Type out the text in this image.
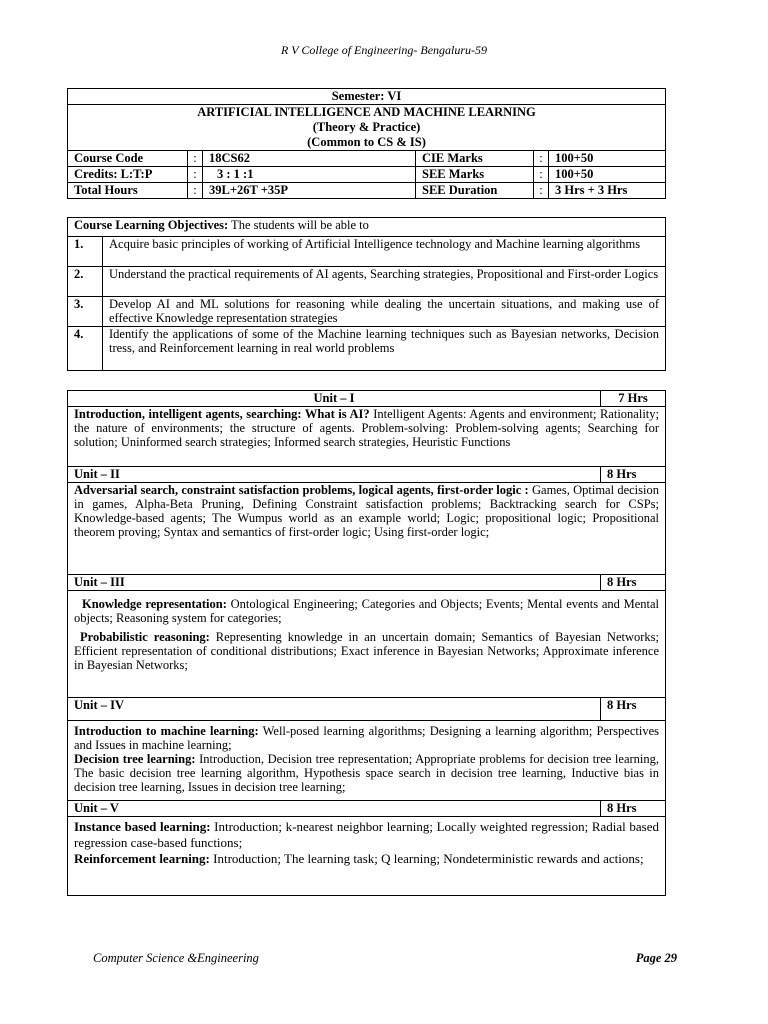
R V College of Engineering- Bengaluru-59
Semester: VI					

ARTIFICIAL INTELLIGENCE AND MACHINE LEARNING
(Theory & Practice)
(Common to CS & IS)					

Course Code	:	18CS62	CIE Marks	:	100+50
Credits: L:T:P	:	3 : 1 :1	SEE Marks	:	100+50
Total Hours	:	39L+26T +35P	SEE Duration	:	3 Hrs + 3 Hrs
Course Learning Objectives: The students will be able to	
1.	Acquire basic principles of working of Artificial Intelligence technology and Machine learning algorithms
2.	Understand the practical requirements of AI agents, Searching strategies, Propositional and First-order Logics
3.	Develop AI and ML solutions for reasoning while dealing the uncertain situations, and making use of effective Knowledge representation strategies
4.	Identify the applications of some of the Machine learning techniques such as Bayesian networks, Decision tress, and Reinforcement learning in real world problems
Unit – I	7 Hrs
Introduction, intelligent agents, searching: What is AI? Intelligent Agents: Agents and environment; Rationality; the nature of environments; the structure of agents. Problem-solving: Problem-solving agents; Searching for solution; Uninformed search strategies; Informed search strategies, Heuristic Functions	
Unit – II	8 Hrs
Adversarial search, constraint satisfaction problems, logical agents, first-order logic : Games, Optimal decision in games, Alpha-Beta Pruning, Defining Constraint satisfaction problems; Backtracking search for CSPs; Knowledge-based agents; The Wumpus world as an example world; Logic; propositional logic; Propositional theorem proving; Syntax and semantics of first-order logic; Using first-order logic;	
Unit – III	8 Hrs

Knowledge representation: Ontological Engineering; Categories and Objects; Events; Mental events and Mental objects; Reasoning system for categories;

Probabilistic reasoning: Representing knowledge in an uncertain domain; Semantics of Bayesian Networks; Efficient representation of conditional distributions; Exact inference in Bayesian Networks; Approximate inference in Bayesian Networks;	

Unit – IV	8 Hrs

Introduction to machine learning: Well-posed learning algorithms; Designing a learning algorithm; Perspectives and Issues in machine learning;

Decision tree learning: Introduction, Decision tree representation; Appropriate problems for decision tree learning, The basic decision tree learning algorithm, Hypothesis space search in decision tree learning, Inductive bias in decision tree learning, Issues in decision tree learning;	

Unit – V	8 Hrs

Instance based learning: Introduction; k-nearest neighbor learning; Locally weighted regression; Radial based regression case-based functions;

Reinforcement learning: Introduction; The learning task; Q learning; Nondeterministic rewards and actions;	

Computer Science &Engineering	Page 29
